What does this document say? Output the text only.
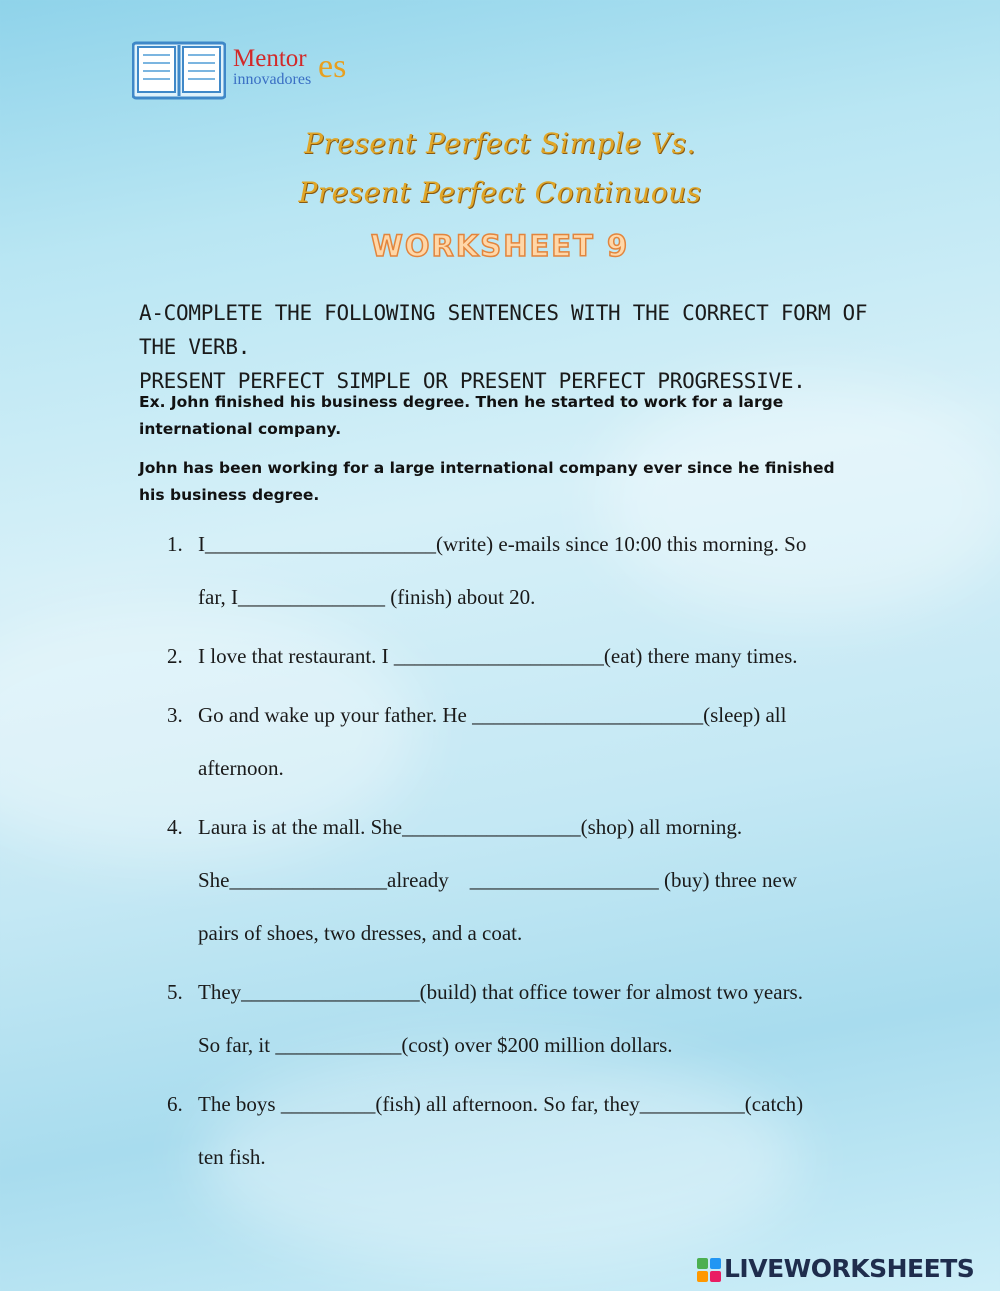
Mentor es
innovadores
Present Perfect Simple Vs.
Present Perfect Continuous
WORKSHEET 9
A-COMPLETE THE FOLLOWING SENTENCES WITH THE CORRECT FORM OF THE VERB.
PRESENT PERFECT SIMPLE OR PRESENT PERFECT PROGRESSIVE.
Ex. John finished his business degree. Then he started to work for a large international company.
John has been working for a large international company ever since he finished his business degree.
1. I______________________(write) e-mails since 10:00 this morning. So
far, I______________ (finish) about 20.
2. I love that restaurant. I ____________________(eat) there many times.
3. Go and wake up your father. He ______________________(sleep) all
afternoon.
4. Laura is at the mall. She_________________(shop) all morning.
She_______________already    __________________ (buy) three new
pairs of shoes, two dresses, and a coat.
5. They_________________(build) that office tower for almost two years.
So far, it ____________(cost) over $200 million dollars.
6. The boys _________(fish) all afternoon. So far, they__________(catch)
ten fish.
LIVEWORKSHEETS
